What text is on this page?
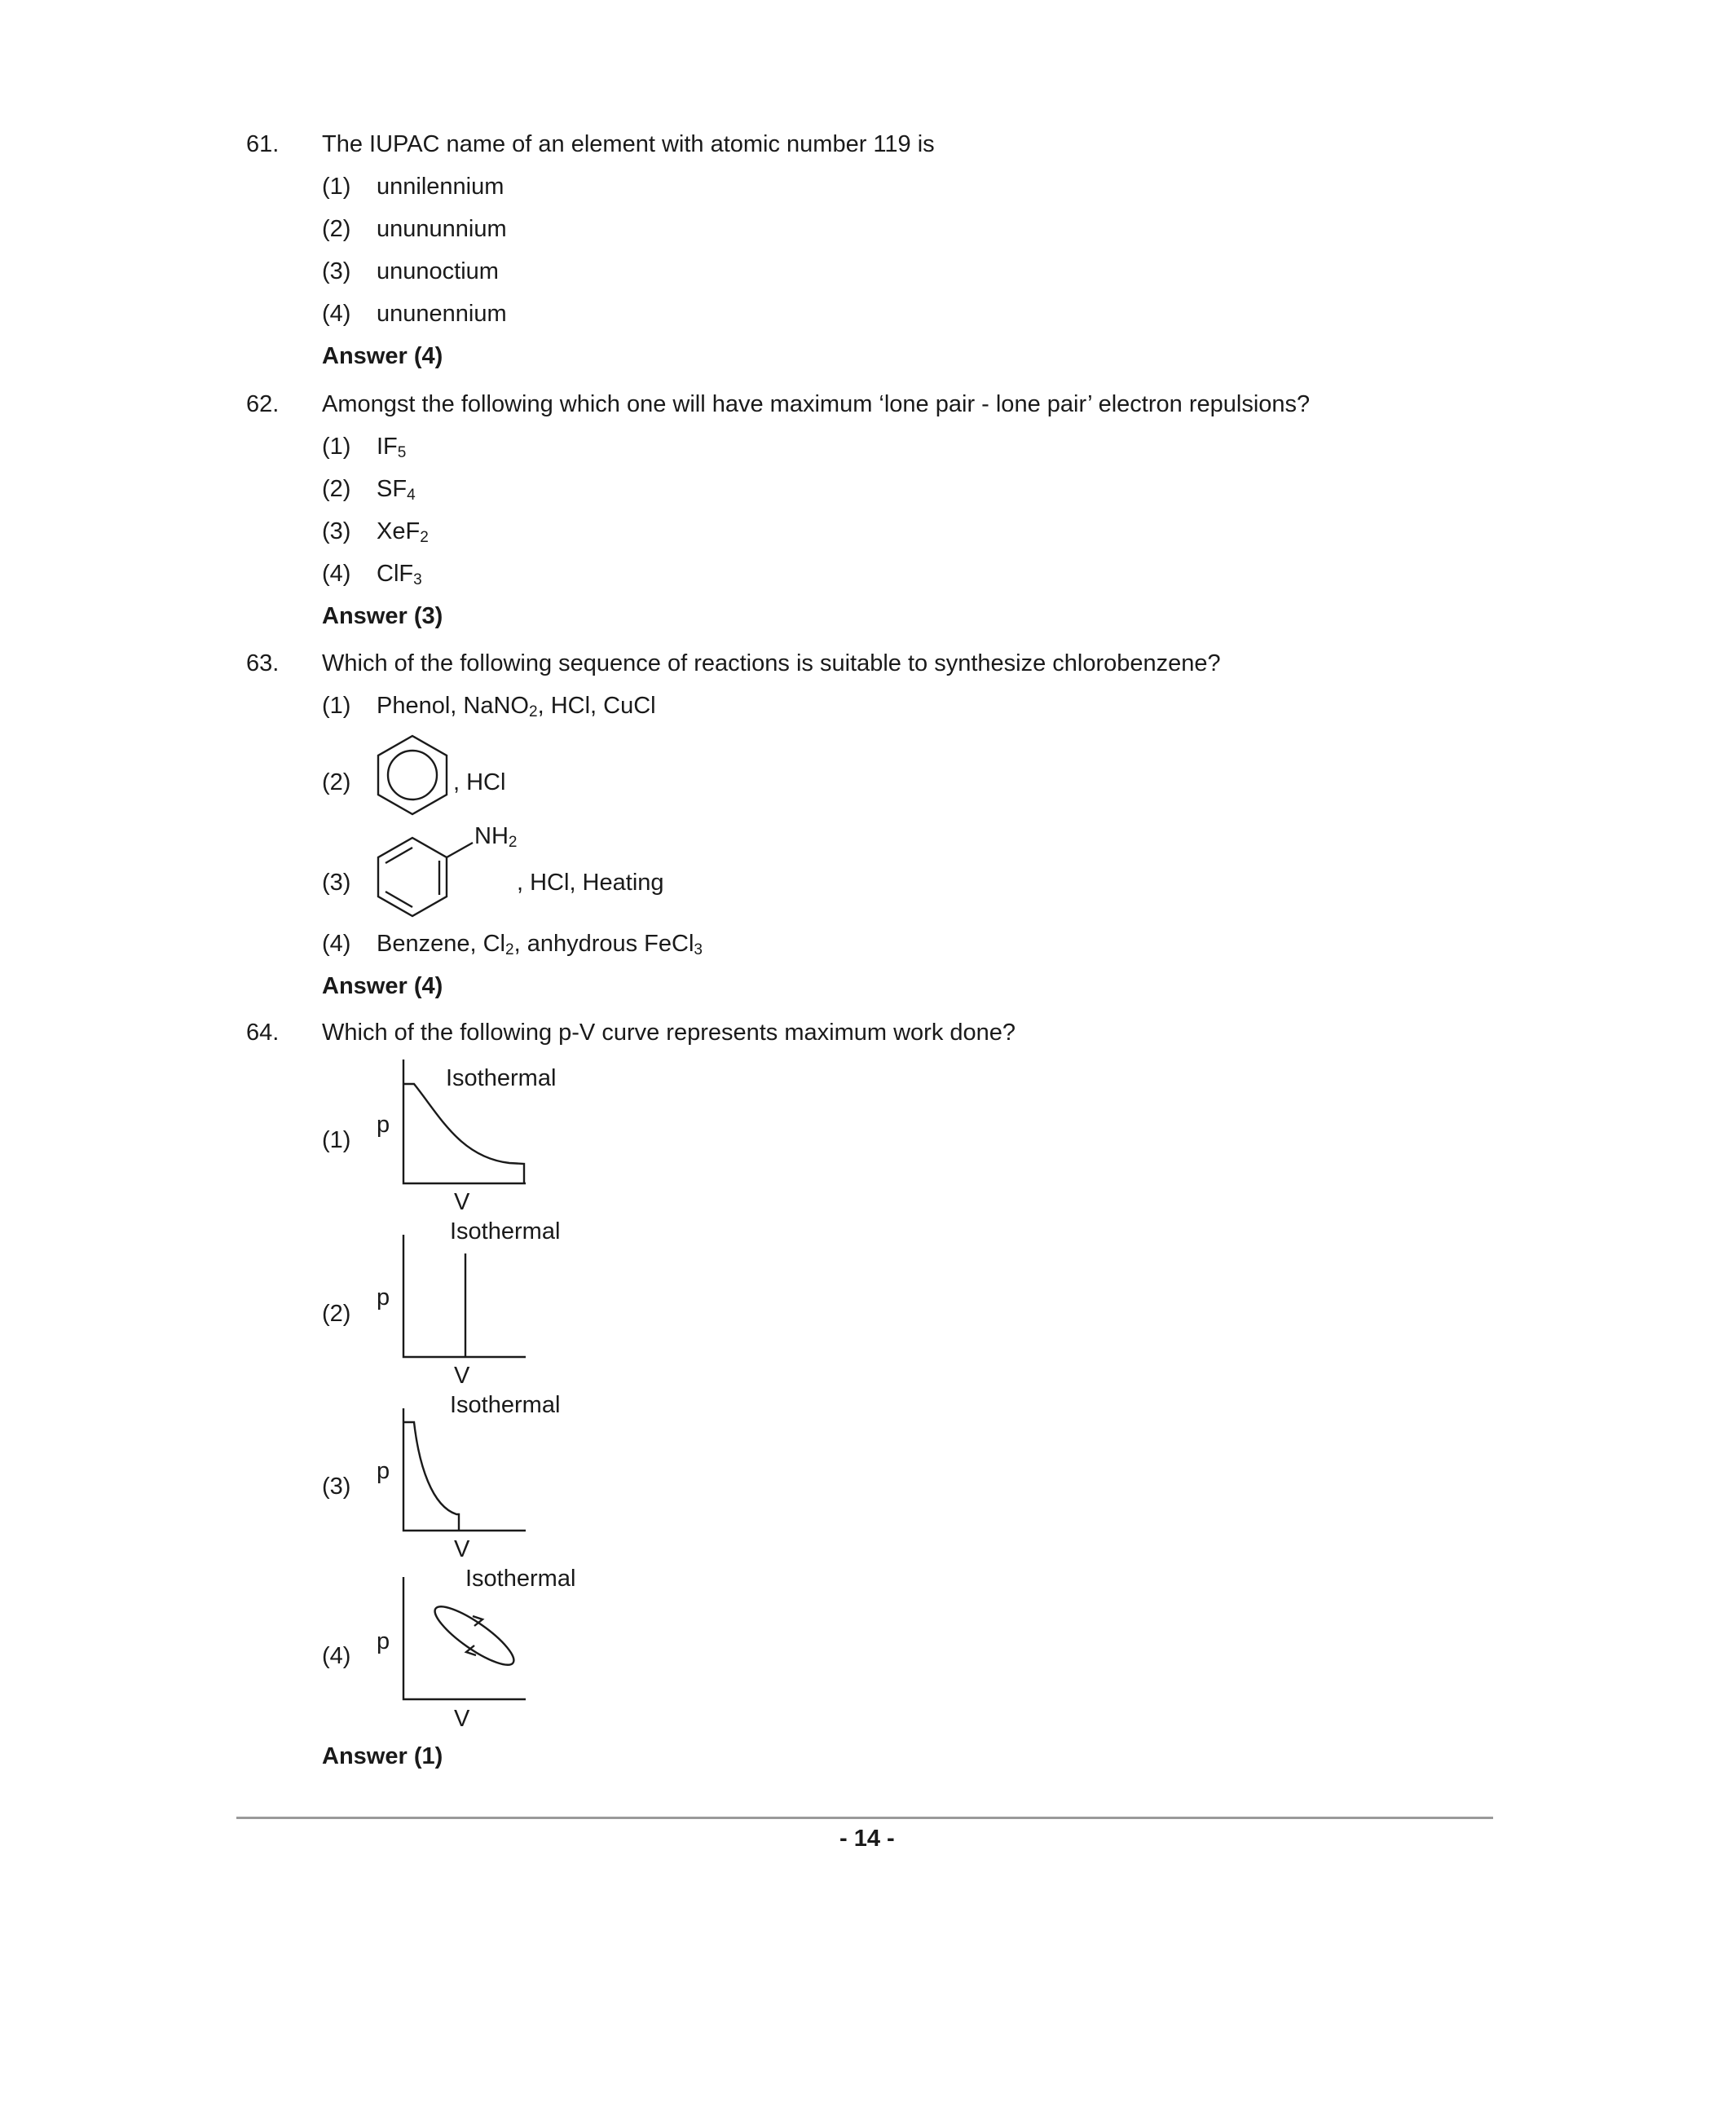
61. The IUPAC name of an element with atomic number 119 is
(1) unnilennium
(2) unununnium
(3) ununoctium
(4) ununennium
Answer (4)
62. Amongst the following which one will have maximum ‘lone pair - lone pair’ electron repulsions?
(1) $IF_5$
(2) $SF_4$
(3) XeF$_2$
(4) ClF$_3$
Answer (3)
63. Which of the following sequence of reactions is suitable to synthesize chlorobenzene?
(1) Phenol, NaNO$_2$, HCl, CuCl
(2)	, HCl
(3)
$NH_2$
, HCl, Heating
(4) Benzene, $Cl_2$, anhydrous FeCl$_3$
Answer (4)
64. Which of the following p-V curve represents maximum work done?
(1)
p
Isothermal
V
(2)
p
Isothermal
V
(3)
p
Isothermal
V
(4)
p
Isothermal
V
Answer (1)
- 14 -
